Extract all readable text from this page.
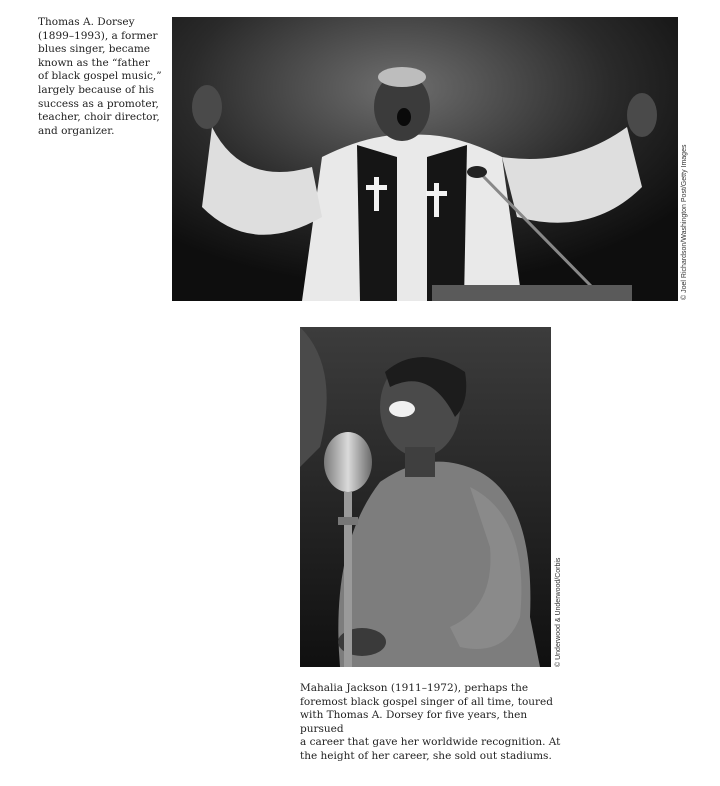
Thomas A. Dorsey
(1899–1993), a former
blues singer, became
known as the “father
of black gospel music,”
largely because of his
success as a promoter,
teacher, choir director,
and organizer.

© Joel Richardson/Washington Post/Getty Images
© Underwood & Underwood/Corbis

Mahalia Jackson (1911–1972), perhaps the
foremost black gospel singer of all time, toured
with Thomas A. Dorsey for five years, then pursued
a career that gave her worldwide recognition. At
the height of her career, she sold out stadiums.
